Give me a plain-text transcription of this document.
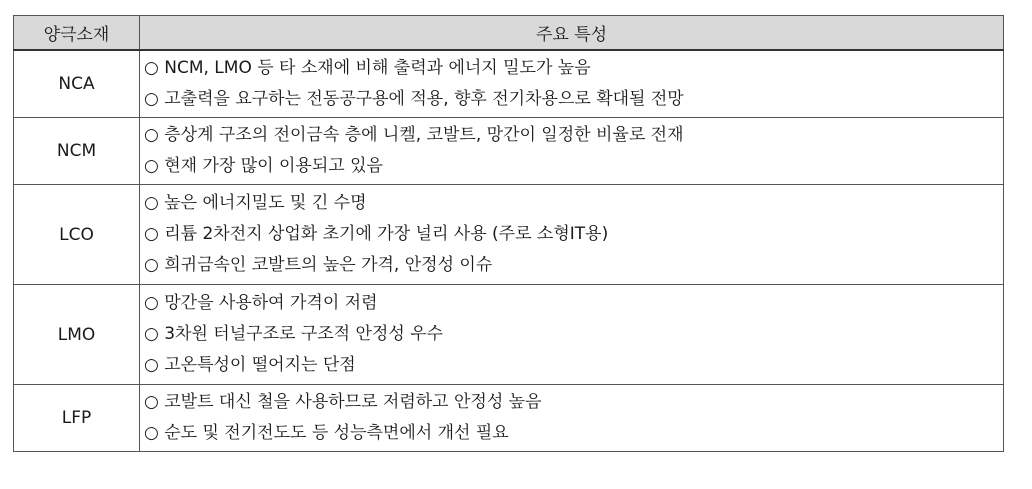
양극소재	주요 특성
NCA	○ NCM, LMO 등 타 소재에 비해 출력과 에너지 밀도가 높음
○ 고출력을 요구하는 전동공구용에 적용, 향후 전기차용으로 확대될 전망

NCM	○ 층상계 구조의 전이금속 층에 니켈, 코발트, 망간이 일정한 비율로 전재
○ 현재 가장 많이 이용되고 있음

LCO	○ 높은 에너지밀도 및 긴 수명
○ 리튬 2차전지 상업화 초기에 가장 널리 사용 (주로 소형IT용)
○ 희귀금속인 코발트의 높은 가격, 안정성 이슈

LMO	○ 망간을 사용하여 가격이 저렴
○ 3차원 터널구조로 구조적 안정성 우수
○ 고온특성이 떨어지는 단점

LFP	○ 코발트 대신 철을 사용하므로 저렴하고 안정성 높음
○ 순도 및 전기전도도 등 성능측면에서 개선 필요
